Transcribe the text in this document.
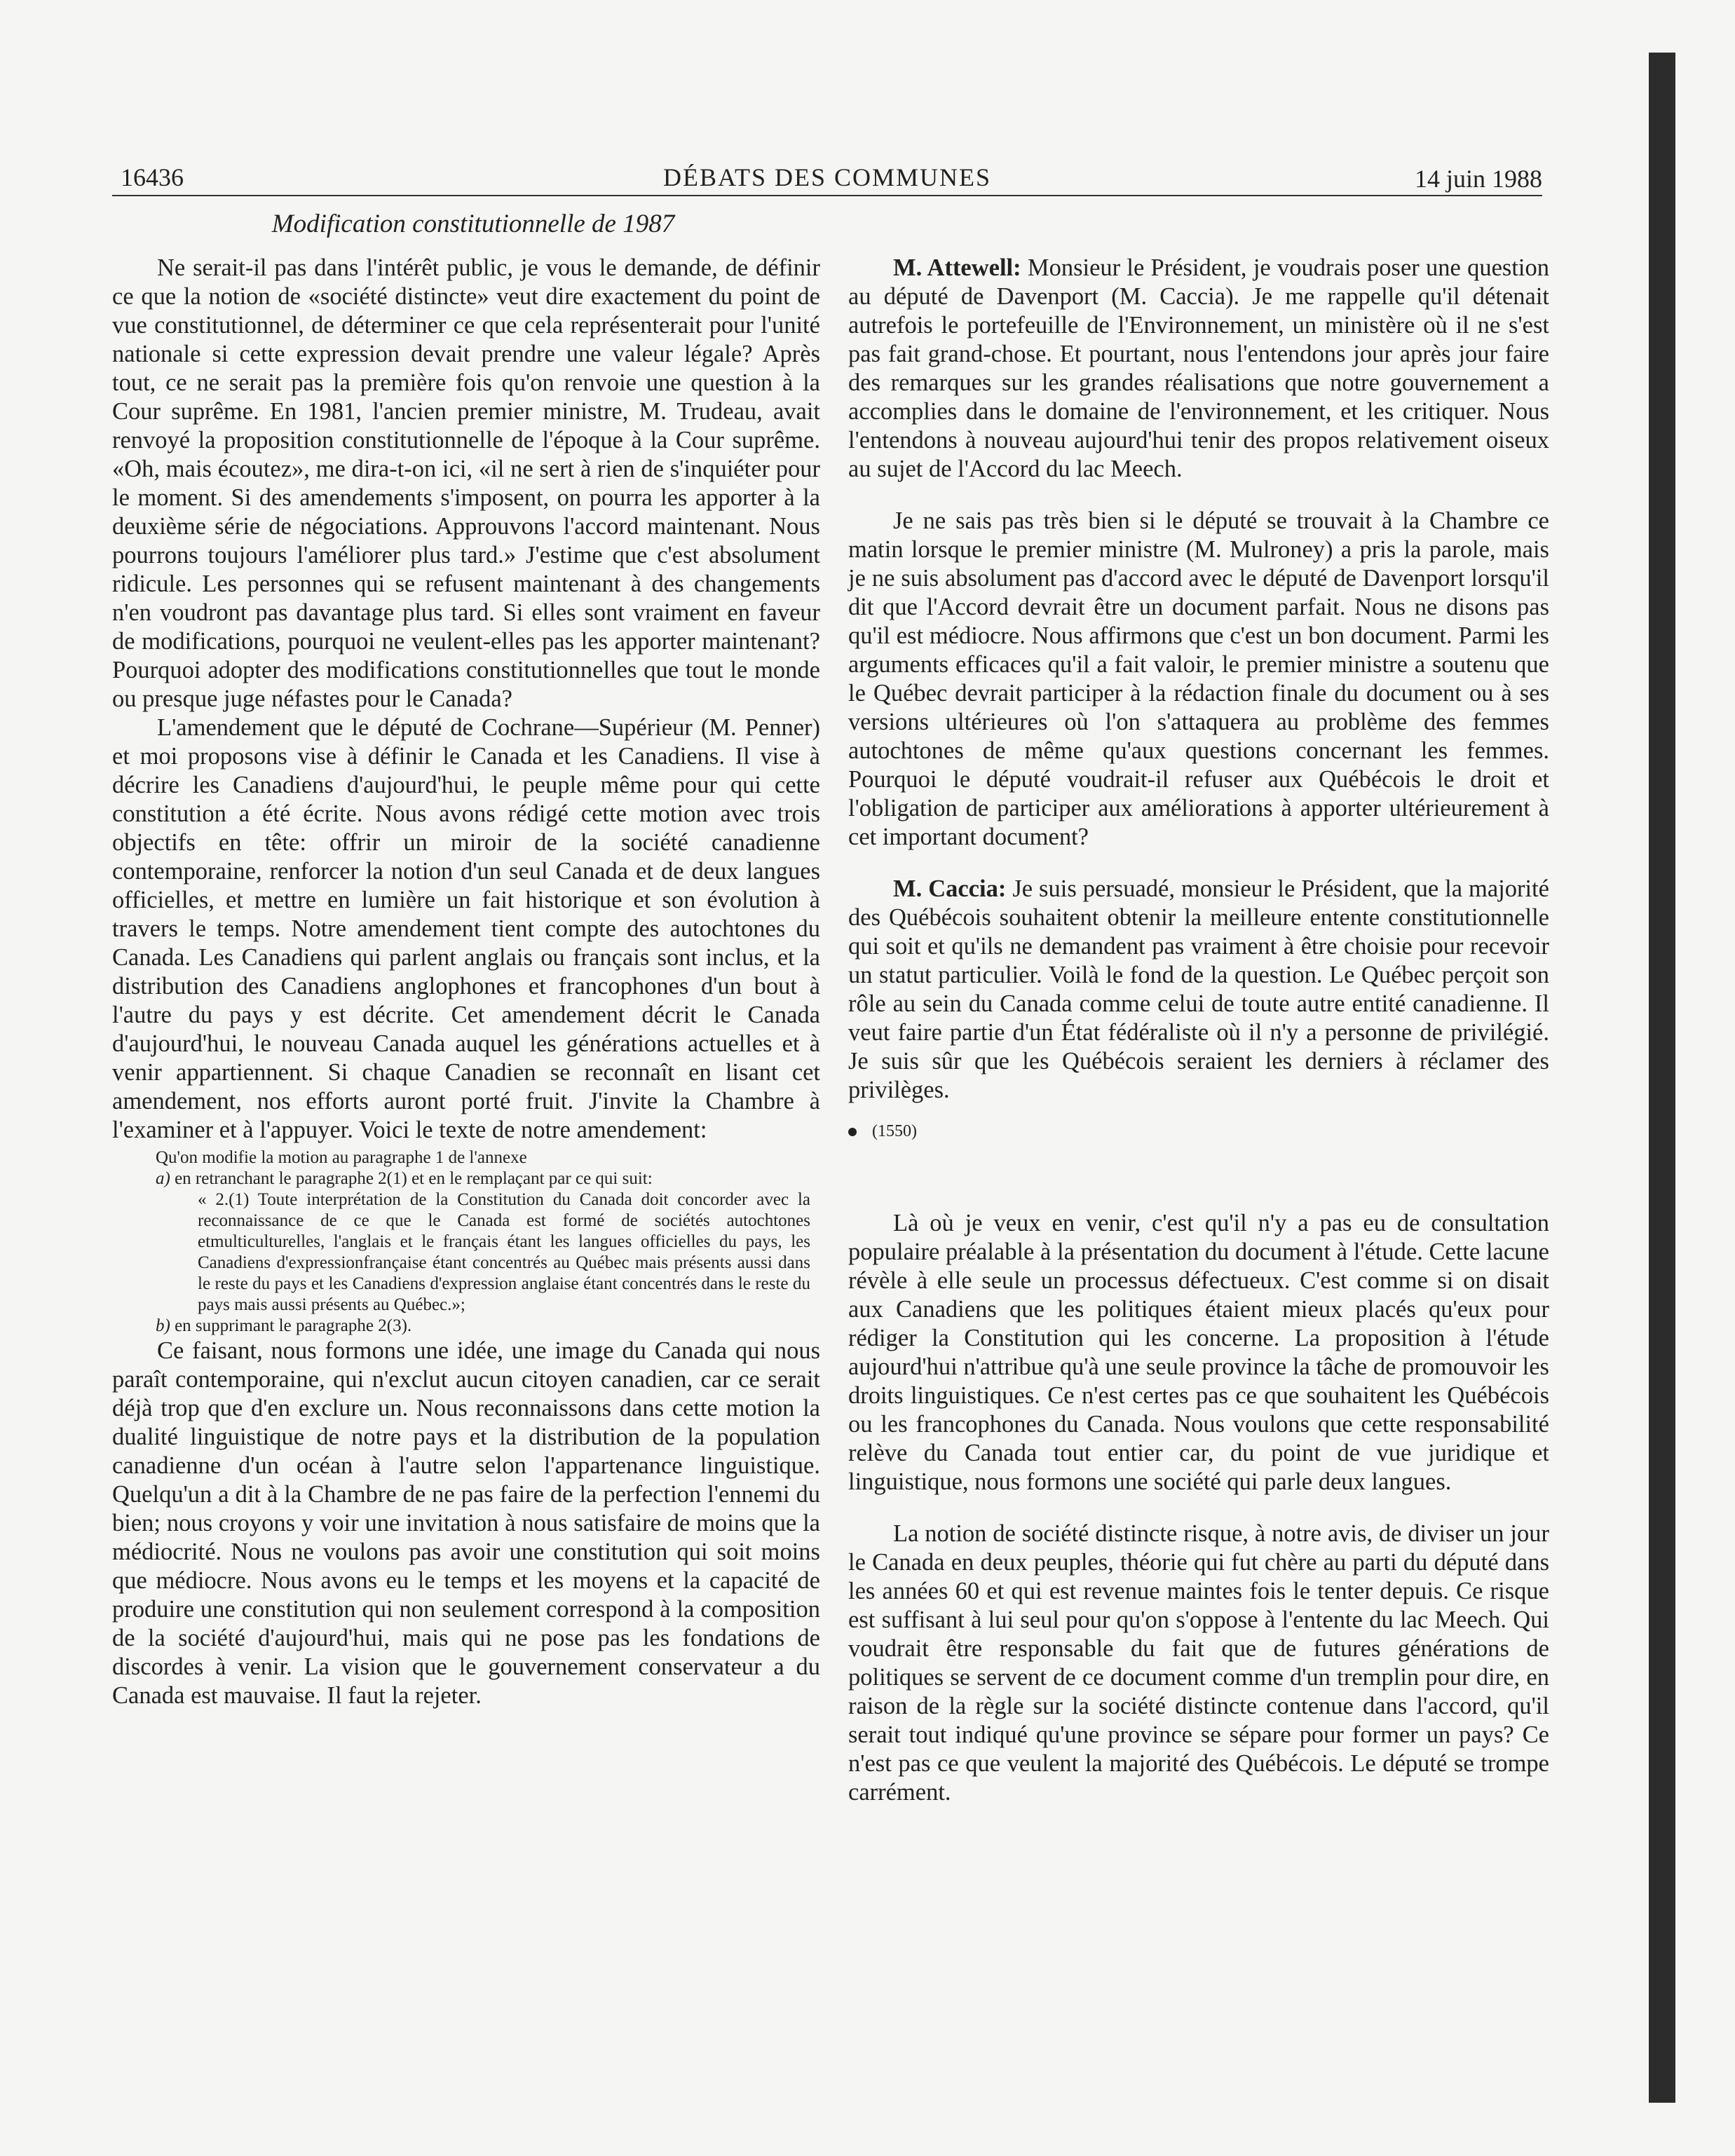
16436	DÉBATS DES COMMUNES	14 juin 1988
Modification constitutionnelle de 1987

Ne serait-il pas dans l'intérêt public, je vous le demande, de définir ce que la notion de «société distincte» veut dire exactement du point de vue constitutionnel, de déterminer ce que cela représenterait pour l'unité nationale si cette expression devait prendre une valeur légale? Après tout, ce ne serait pas la première fois qu'on renvoie une question à la Cour suprême. En 1981, l'ancien premier ministre, M. Trudeau, avait renvoyé la proposition constitutionnelle de l'époque à la Cour suprême. «Oh, mais écoutez», me dira-t-on ici, «il ne sert à rien de s'inquiéter pour le moment. Si des amendements s'imposent, on pourra les apporter à la deuxième série de négociations. Approuvons l'accord maintenant. Nous pourrons toujours l'améliorer plus tard.» J'estime que c'est absolument ridicule. Les personnes qui se refusent maintenant à des changements n'en voudront pas davantage plus tard. Si elles sont vraiment en faveur de modifications, pourquoi ne veulent-elles pas les apporter maintenant? Pourquoi adopter des modifications constitutionnelles que tout le monde ou presque juge néfastes pour le Canada?

L'amendement que le député de Cochrane—Supérieur (M. Penner) et moi proposons vise à définir le Canada et les Canadiens. Il vise à décrire les Canadiens d'aujourd'hui, le peuple même pour qui cette constitution a été écrite. Nous avons rédigé cette motion avec trois objectifs en tête: offrir un miroir de la société canadienne contemporaine, renforcer la notion d'un seul Canada et de deux langues officielles, et mettre en lumière un fait historique et son évolution à travers le temps. Notre amendement tient compte des autochtones du Canada. Les Canadiens qui parlent anglais ou français sont inclus, et la distribution des Canadiens anglophones et francophones d'un bout à l'autre du pays y est décrite. Cet amendement décrit le Canada d'aujourd'hui, le nouveau Canada auquel les générations actuelles et à venir appartiennent. Si chaque Canadien se reconnaît en lisant cet amendement, nos efforts auront porté fruit. J'invite la Chambre à l'examiner et à l'appuyer. Voici le texte de notre amendement:

Qu'on modifie la motion au paragraphe 1 de l'annexe
a) en retranchant le paragraphe 2(1) et en le remplaçant par ce qui suit:
« 2.(1) Toute interprétation de la Constitution du Canada doit concorder avec la reconnaissance de ce que le Canada est formé de sociétés autochtones etmulticulturelles, l'anglais et le français étant les langues officielles du pays, les Canadiens d'expressionfrançaise étant concentrés au Québec mais présents aussi dans le reste du pays et les Canadiens d'expression anglaise étant concentrés dans le reste du pays mais aussi présents au Québec.»;
b) en supprimant le paragraphe 2(3).

Ce faisant, nous formons une idée, une image du Canada qui nous paraît contemporaine, qui n'exclut aucun citoyen canadien, car ce serait déjà trop que d'en exclure un. Nous reconnaissons dans cette motion la dualité linguistique de notre pays et la distribution de la population canadienne d'un océan à l'autre selon l'appartenance linguistique. Quelqu'un a dit à la Chambre de ne pas faire de la perfection l'ennemi du bien; nous croyons y voir une invitation à nous satisfaire de moins que la médiocrité. Nous ne voulons pas avoir une constitution qui soit moins que médiocre. Nous avons eu le temps et les moyens et la capacité de produire une constitution qui non seulement correspond à la composition de la société d'aujourd'hui, mais qui ne pose pas les fondations de discordes à venir. La vision que le gouvernement conservateur a du Canada est mauvaise. Il faut la rejeter.

M. Attewell: Monsieur le Président, je voudrais poser une question au député de Davenport (M. Caccia). Je me rappelle qu'il détenait autrefois le portefeuille de l'Environnement, un ministère où il ne s'est pas fait grand-chose. Et pourtant, nous l'entendons jour après jour faire des remarques sur les grandes réalisations que notre gouvernement a accomplies dans le domaine de l'environnement, et les critiquer. Nous l'entendons à nouveau aujourd'hui tenir des propos relativement oiseux au sujet de l'Accord du lac Meech.

Je ne sais pas très bien si le député se trouvait à la Chambre ce matin lorsque le premier ministre (M. Mulroney) a pris la parole, mais je ne suis absolument pas d'accord avec le député de Davenport lorsqu'il dit que l'Accord devrait être un document parfait. Nous ne disons pas qu'il est médiocre. Nous affirmons que c'est un bon document. Parmi les arguments efficaces qu'il a fait valoir, le premier ministre a soutenu que le Québec devrait participer à la rédaction finale du document ou à ses versions ultérieures où l'on s'attaquera au problème des femmes autochtones de même qu'aux questions concernant les femmes. Pourquoi le député voudrait-il refuser aux Québécois le droit et l'obligation de participer aux améliorations à apporter ultérieurement à cet important document?

M. Caccia: Je suis persuadé, monsieur le Président, que la majorité des Québécois souhaitent obtenir la meilleure entente constitutionnelle qui soit et qu'ils ne demandent pas vraiment à être choisie pour recevoir un statut particulier. Voilà le fond de la question. Le Québec perçoit son rôle au sein du Canada comme celui de toute autre entité canadienne. Il veut faire partie d'un État fédéraliste où il n'y a personne de privilégié. Je suis sûr que les Québécois seraient les derniers à réclamer des privilèges.

(1550)

Là où je veux en venir, c'est qu'il n'y a pas eu de consultation populaire préalable à la présentation du document à l'étude. Cette lacune révèle à elle seule un processus défectueux. C'est comme si on disait aux Canadiens que les politiques étaient mieux placés qu'eux pour rédiger la Constitution qui les concerne. La proposition à l'étude aujourd'hui n'attribue qu'à une seule province la tâche de promouvoir les droits linguistiques. Ce n'est certes pas ce que souhaitent les Québécois ou les francophones du Canada. Nous voulons que cette responsabilité relève du Canada tout entier car, du point de vue juridique et linguistique, nous formons une société qui parle deux langues.

La notion de société distincte risque, à notre avis, de diviser un jour le Canada en deux peuples, théorie qui fut chère au parti du député dans les années 60 et qui est revenue maintes fois le tenter depuis. Ce risque est suffisant à lui seul pour qu'on s'oppose à l'entente du lac Meech. Qui voudrait être responsable du fait que de futures générations de politiques se servent de ce document comme d'un tremplin pour dire, en raison de la règle sur la société distincte contenue dans l'accord, qu'il serait tout indiqué qu'une province se sépare pour former un pays? Ce n'est pas ce que veulent la majorité des Québécois. Le député se trompe carrément.
